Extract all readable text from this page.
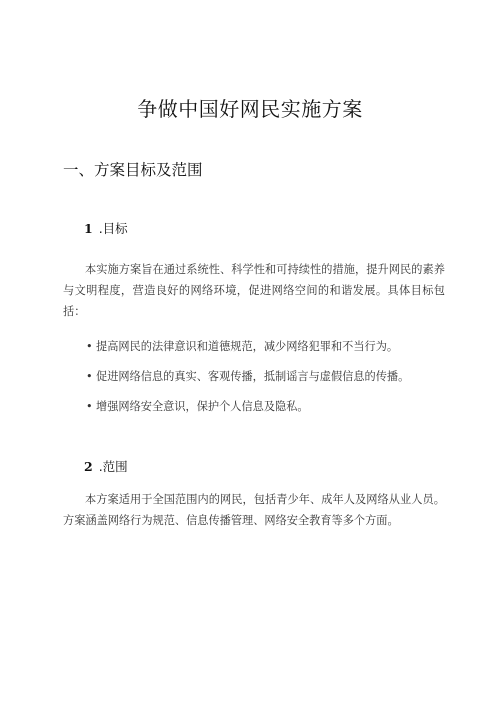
争做中国好网民实施方案
一、方案目标及范围
1 .目标

本实施方案旨在通过系统性、科学性和可持续性的措施，提升网民的素养与文明程度，营造良好的网络环境，促进网络空间的和谐发展。具体目标包括：

• 提高网民的法律意识和道德规范，减少网络犯罪和不当行为。
• 促进网络信息的真实、客观传播，抵制谣言与虚假信息的传播。
• 增强网络安全意识，保护个人信息及隐私。
2 .范围

本方案适用于全国范围内的网民，包括青少年、成年人及网络从业人员。方案涵盖网络行为规范、信息传播管理、网络安全教育等多个方面。
